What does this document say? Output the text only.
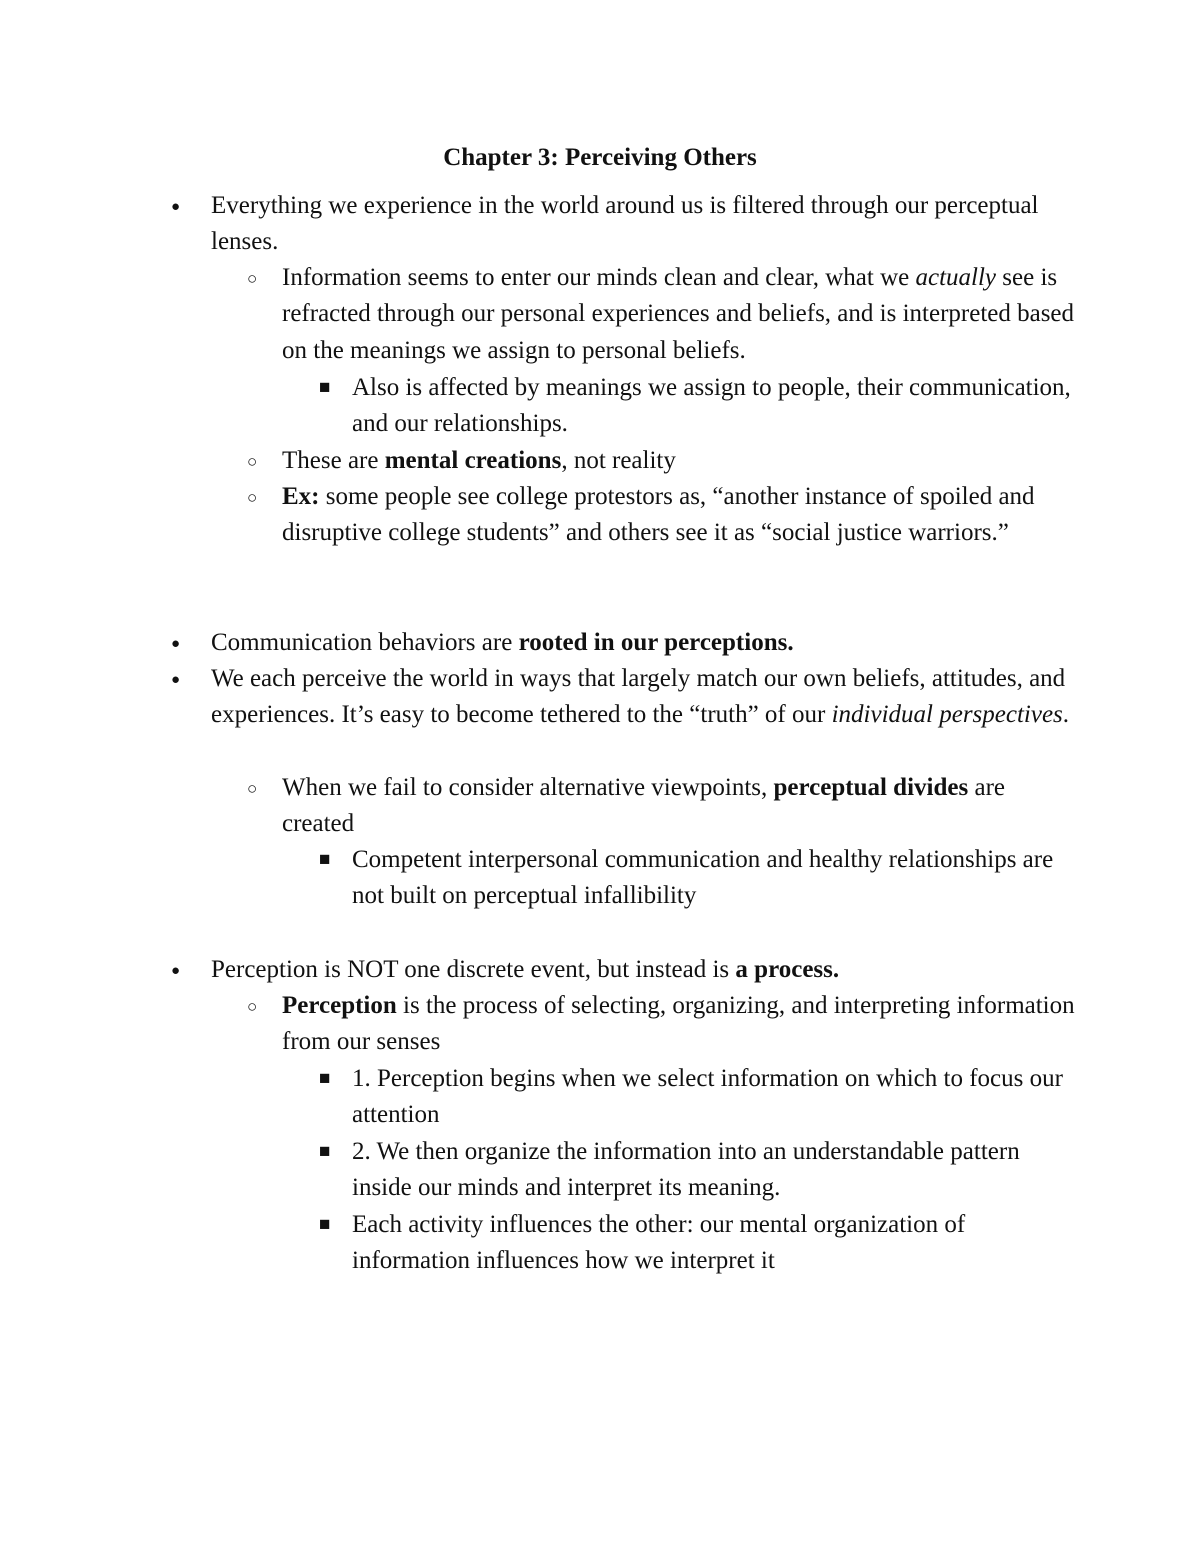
Chapter 3: Perceiving Others
● Everything we experience in the world around us is filtered through our perceptual lenses.
○ Information seems to enter our minds clean and clear, what we actually see is refracted through our personal experiences and beliefs, and is interpreted based on the meanings we assign to personal beliefs.
■ Also is affected by meanings we assign to people, their communication, and our relationships.
○ These are mental creations, not reality
○ Ex: some people see college protestors as, “another instance of spoiled and disruptive college students” and others see it as “social justice warriors.”
● Communication behaviors are rooted in our perceptions.
● We each perceive the world in ways that largely match our own beliefs, attitudes, and experiences. It’s easy to become tethered to the “truth” of our individual perspectives.
○ When we fail to consider alternative viewpoints, perceptual divides are created
■ Competent interpersonal communication and healthy relationships are not built on perceptual infallibility
● Perception is NOT one discrete event, but instead is a process.
○ Perception is the process of selecting, organizing, and interpreting information from our senses
■ 1. Perception begins when we select information on which to focus our attention
■ 2. We then organize the information into an understandable pattern inside our minds and interpret its meaning.
■ Each activity influences the other: our mental organization of information influences how we interpret it
